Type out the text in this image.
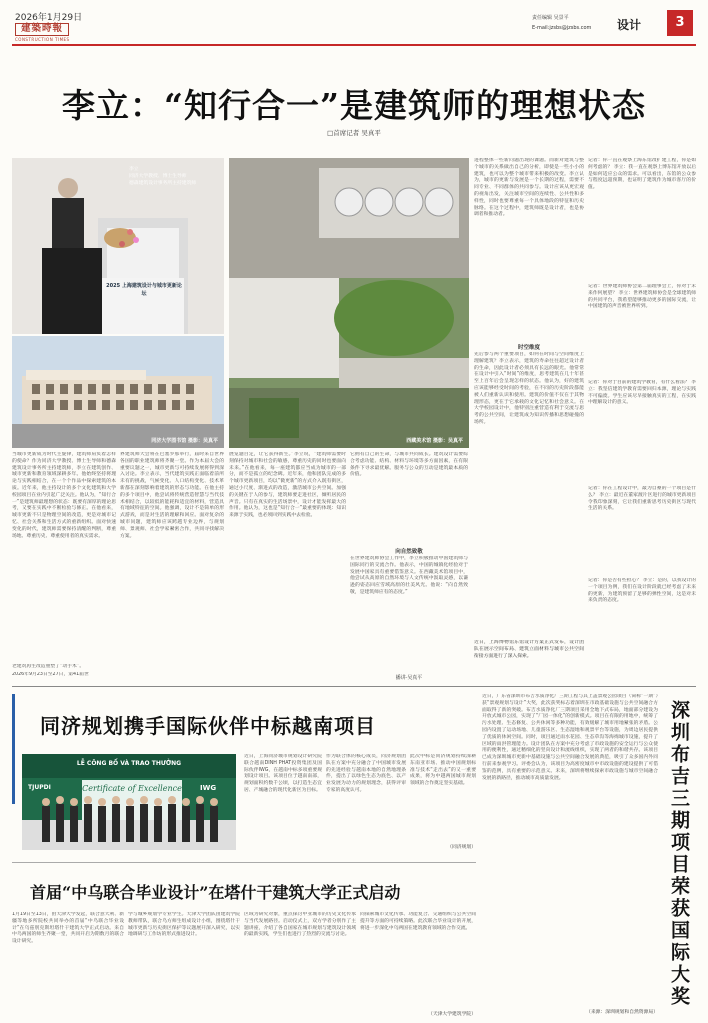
2026年1月29日
建築時報
CONSTRUCTION TIMES
责任编辑 吴景平
E-mail:jzsbs@jzsbs.com 设计	3
李立：“知行合一”是建筑师的理想状态
□首席记者 吴真平
李立
同济大学教授、博士生导师
德森建筑设计事务所主持建筑师
2025 上海建筑设计与城市更新论坛
同济大学图书馆 摄影：吴真平	西藏美术馆 摄影：吴真平
当城市更新成为时代主旋律，建筑师肩负着怎样的使命？作为同济大学教授、博士生导师和德森建筑设计事务所主持建筑师，李立在建筑创作、城市更新和教育领域深耕多年。他始终坚持将理论与实践相结合，在一个个作品中探索建筑的本质。近年来，他主持设计的多个文化建筑和大学校园项目在业内引起广泛关注。他认为，“知行合一”是建筑师最理想的状态：既要有深厚的理论思考，又要在实践中不断检验与修正。在他看来，城市更新不只是物理空间的改造，更是对城市记忆、社会关系和生活方式的重新组织。面对快速变化的时代，建筑师需要保持清醒的判断，尊重场地、尊重历史、尊重使用者的真实需求。
老建筑再生改造重塑了“动手术”。
2026年9月23日至27日，第41届世
界建筑师大会将在巴塞罗那举行，届时来自世界各国的职业建筑师将齐聚一堂。作为本届大会的重要议题之一，城市更新与可持续发展将得到深入讨论。李立表示，当代建筑实践正面临着前所未有的挑战，气候变化、人口结构变化、技术革新都在深刻影响着建筑的形态与功能。在他主持的多个项目中，他尝试将传统营造智慧与当代技术相结合，以较低的能耗和适宜的材料，营造具有地域特征的空间。他强调，设计不是简单的形式游戏，而是对生活的理解和回应。面对复杂的城市问题，建筑师应该跨越专业边界，与规划师、景观师、社会学家紧密合作，共同寻找解决方案。
展览题目定，让它获得新生。”李立说，“建筑师需要时刻保持对城市和社会的敏感，尊重历史的同时也要面向未来。”在他看来，每一座建筑都应当成为城市的一部分，而不是孤立的纪念碑。近年来，他和团队完成的多个城市更新项目，均以“微更新”的方式介入既有街区，通过小尺度、渐进式的改造，激活城市公共空间。加强的关键在于人的参与，建筑师要走进社区，倾听居民的声音。只有在真实的生活场景中，设计才能发挥最大的作用。他认为，这也是“知行合一”最重要的体现：知识来源于实践，也必须回到实践中去检验。
它拥有自己的生命，与城市共同成长。建筑设计需要综合考虑功能、结构、材料与环境等多方面因素，在有限条件下寻求最优解。服务与公众的互动是建筑最本质的价值。
向自然致敬
在世界建筑师协会工作中，李立积极推动中国建筑师与国际同行的交流合作。他表示，中国的城镇化经验对于发展中国家具有重要借鉴意义。在西藏美术馆项目中，他尝试从高原的自然环境与人文传统中汲取灵感，以谦逊的姿态回应雪域高原的壮美风光。他说：“向自然致敬，是建筑师应有的态度。”
播讲·吴真平
进程整体一些新问题出现的课题。而新对建筑与整个城市的关系做出自己的分析，即使是一些小小的建筑，也可以为整个城市带来积极的改变。李立认为，城市的更新与发展是一个长期的过程，需要不同专业、不同群体的共同参与。设计应该从更宏观的视角出发，关注城市空间的连续性、公共性和多样性，同时也要尊重每一个具体地段的特征和历史脉络。在这个过程中，建筑师既是设计者，也是协调者和推动者。
时空维度
先后参与两个重要项目，如何在时间与空间维度上理解建筑？李立表示，建筑的寿命往往超过设计者的生命，因此设计者必须具有长远的眼光。他常常在设计中引入“时间”的维度，思考建筑在几十年甚至上百年后会呈现怎样的状态。他认为，好的建筑应该能够经受时间的考验，在不同的历史阶段都能被人们重新认识和使用。建筑的价值不仅在于其物理形态，更在于它承载的文化记忆和社会意义。在大学校园设计中，他特别注重营造有利于交流与思考的公共空间，让建筑成为知识传播和思想碰撞的场所。
记者：你一直在观察上海东馆改扩建工程，你是如何考虑的？ 李立：我一直在观察上博东馆开放以后是如何适应公众的需求。可以看出，东馆的公众参与程度远超预期，也证明了建筑作为城市客厅的价值。
记者：世界建筑师协会第二届理事会上，你对于未来作何展望？ 李立：世界建筑师协会是全球建筑师的共同平台，我希望能够推动更多的国际交流，让中国建筑的声音被世界听到。
记者：你对于目前的建筑学教育，有什么看法？ 李立：我坚信建筑学教育需要回归本源，理论与实践不可偏废。学生应该尽早接触真实的工程，在实践中理解设计的意义。
记者：你在工程设计中，最为自豪的一个项目是什么？ 李立：最近在董家渡片区进行的城市更新项目令我印象深刻，它让我们重新思考历史街区与现代生活的关系。
记者：你是否有些担心？ 李立：是的，以我设计的一个项目为例，我们在设计阶段就已经考虑了未来的更新，为建筑预留了足够的弹性空间，这是对未来负责的态度。
近日，上海博物馆东馆设计方案正式发布，设计团队在展示空间布局、建筑立面材料与城市公共空间衔接方面进行了深入探索。
同济规划携手国际伙伴中标越南项目
LỄ CÔNG BỐ VÀ TRAO THƯỞNG
Certificate of Excellence
TJUPDI	IWG
近日，上海同济城市规划设计研究院联合越南DINH PHAT投资集团及国际伙伴IWG，在越南中标多项重要规划设计项目。该项目位于越南南部，规划面积约数千公顷，以打造生态宜居、产城融合的现代化新区为目标。
作为联合体的核心成员，同济规划团队在方案中充分融合了中国城市发展的先进经验与越南本地的自然地理条件，提出了以绿色生态为底色、以产业发展为动力的规划理念，获得评审专家的高度认可。
此次中标是同济规划持续深耕东南亚市场、推动中国规划标准与技术“走出去”的又一重要成果，将为中越两国城市规划领域的合作奠定坚实基础。
（同济规划）
近日，广东省深圳市布吉水质净化厂三期工程与其上盖景观公园项目（简称“一期”）获“景观规划与设计”大奖，此次获奖标志着深圳在市政基础设施与公共空间融合方面取得了新的突破。布吉水质净化厂三期项目采用全地下式布局，地面部分建设为开放式城市公园，实现了“厂园一体化”的创新模式。项目在有限的用地中，统筹了污水处理、生态修复、公共休闲等多种功能，有效缓解了城市用地紧张的矛盾。公园内设置了运动场地、儿童游乐区、生态湿地和观景平台等设施，为周边居民提供了优质的休闲空间。同时，项目通过雨水花园、生态草沟等海绵城市设施，提升了区域的雨洪管理能力。设计团队在方案中充分考虑了市政设施的安全运行与公众使用的便利性，通过精细化的竖向设计和流线组织，实现了两者的和谐共存。该项目已成为深圳城市更新中基础设施与公共空间融合发展的典范，吸引了众多国内外同行前来参观学习。评委会认为，该项目为高密度城市中市政设施的建设提供了可借鉴的范例，具有重要的示范意义。未来，深圳将继续探索市政设施与城市空间融合发展的新路径，推动城市高质量发展。
（来源：深圳规划和自然资源局）
深圳布吉三期项目荣获国际大奖
首届“中乌联合毕业设计”在塔什干建筑大学正式启动
1月19日至13日，由天津大学发起，联合意大利、新疆等地多所院校共同举办的首届“中乌联合毕业设计”在乌兹别克斯坦塔什干建筑大学正式启动。来自中乌两国的师生齐聚一堂，共同开启为期数月的联合设计研究。
学与城乡规划学专业学生。天津大学团队由建筑学院教师带队，联合乌方师生组成设计小组，围绕塔什干城市更新与历史街区保护等议题展开深入研究，以实地调研与工作坊的形式推进设计。
区域为研究对象，重点探讨中亚城市的历史文化传承与当代发展路径。启动仪式上，双方学者分别作了主题讲座，介绍了各自国家在城市规划与建筑设计领域的最新实践，学生们也进行了热烈的交流与讨论。
同探索城市文化传承、功能复合、交通组织与公共空间提升等方面的可持续策略。此次联合毕业设计的开展，将进一步深化中乌两国在建筑教育领域的合作交流。
（天津大学建筑学院）
